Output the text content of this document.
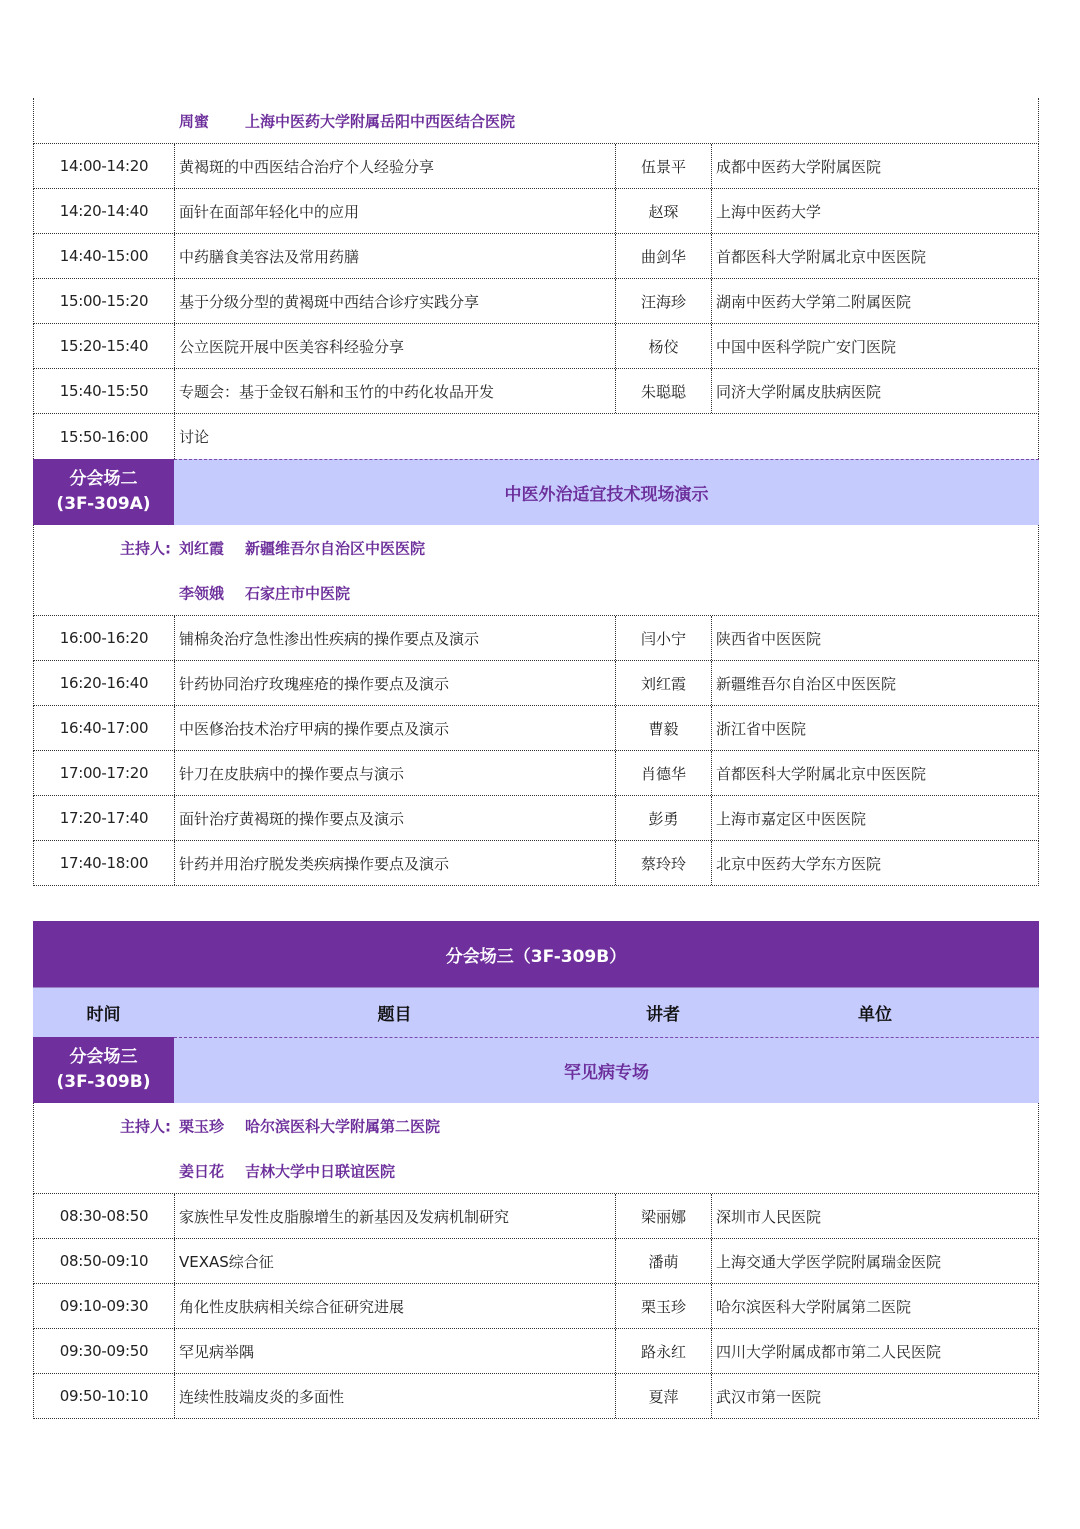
周蜜 上海中医药大学附属岳阳中西医结合医院
14:00-14:20	黄褐斑的中西医结合治疗个人经验分享	伍景平	成都中医药大学附属医院
14:20-14:40	面针在面部年轻化中的应用	赵琛	上海中医药大学
14:40-15:00	中药膳食美容法及常用药膳	曲剑华	首都医科大学附属北京中医医院
15:00-15:20	基于分级分型的黄褐斑中西结合诊疗实践分享	汪海珍	湖南中医药大学第二附属医院
15:20-15:40	公立医院开展中医美容科经验分享	杨佼	中国中医科学院广安门医院
15:40-15:50	专题会：基于金钗石斛和玉竹的中药化妆品开发	朱聪聪	同济大学附属皮肤病医院
15:50-16:00	讨论
分会场二
(3F-309A)	中医外治适宜技术现场演示
主持人: 刘红霞 新疆维吾尔自治区中医医院
李领娥 石家庄市中医院
16:00-16:20	铺棉灸治疗急性渗出性疾病的操作要点及演示	闫小宁	陕西省中医医院
16:20-16:40	针药协同治疗玫瑰痤疮的操作要点及演示	刘红霞	新疆维吾尔自治区中医医院
16:40-17:00	中医修治技术治疗甲病的操作要点及演示	曹毅	浙江省中医院
17:00-17:20	针刀在皮肤病中的操作要点与演示	肖德华	首都医科大学附属北京中医医院
17:20-17:40	面针治疗黄褐斑的操作要点及演示	彭勇	上海市嘉定区中医医院
17:40-18:00	针药并用治疗脱发类疾病操作要点及演示	蔡玲玲	北京中医药大学东方医院
分会场三（3F-309B）
时间	题目	讲者	单位
分会场三
(3F-309B)	罕见病专场
主持人: 栗玉珍 哈尔滨医科大学附属第二医院
姜日花 吉林大学中日联谊医院
08:30-08:50	家族性早发性皮脂腺增生的新基因及发病机制研究	梁丽娜	深圳市人民医院
08:50-09:10	VEXAS综合征	潘萌	上海交通大学医学院附属瑞金医院
09:10-09:30	角化性皮肤病相关综合征研究进展	栗玉珍	哈尔滨医科大学附属第二医院
09:30-09:50	罕见病举隅	路永红	四川大学附属成都市第二人民医院
09:50-10:10	连续性肢端皮炎的多面性	夏萍	武汉市第一医院
